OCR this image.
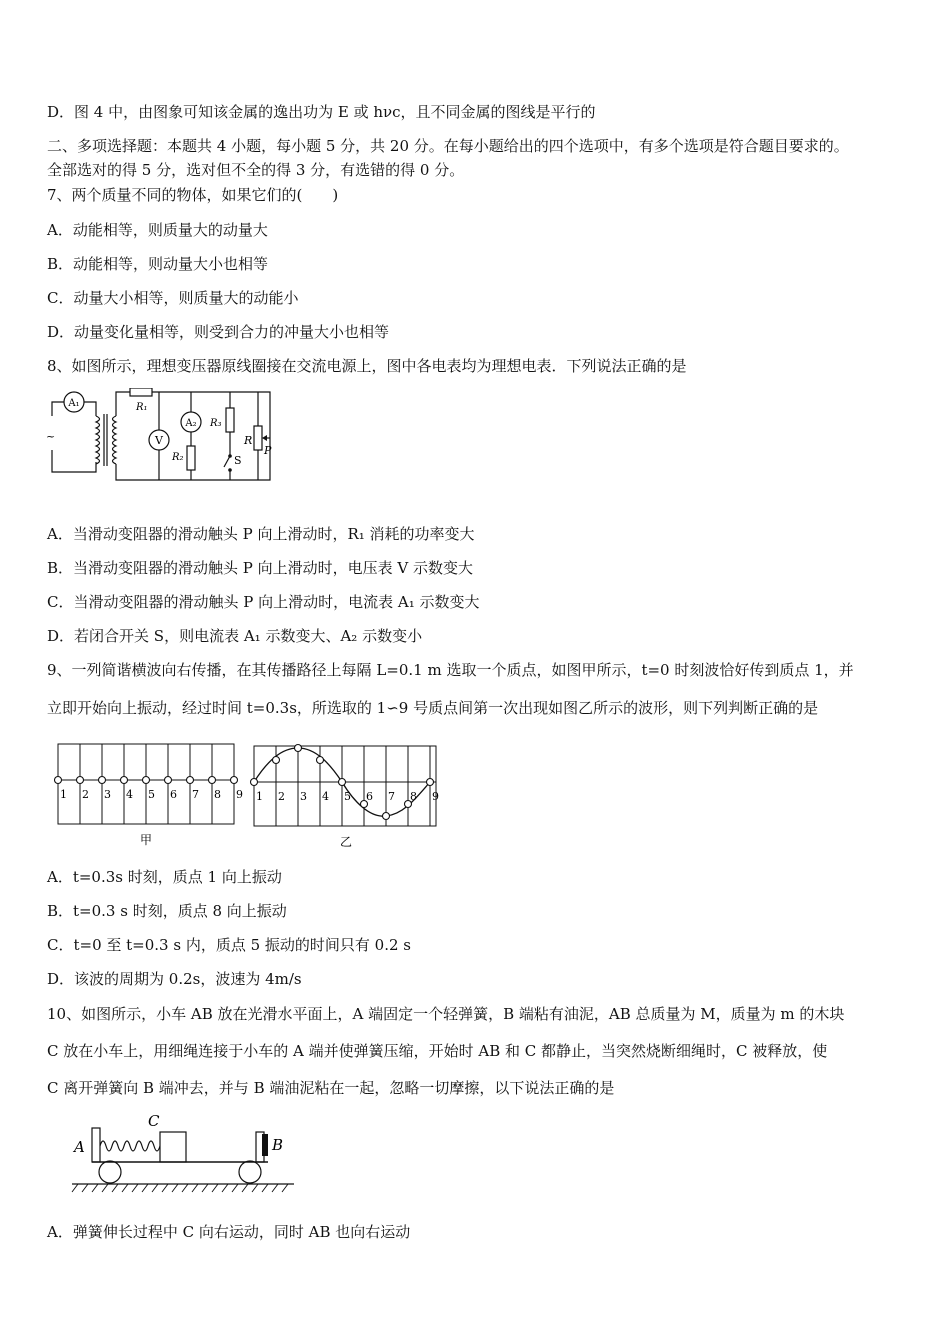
D．图 4 中，由图象可知该金属的逸出功为 E 或 hνc，且不同金属的图线是平行的
二、多项选择题：本题共 4 小题，每小题 5 分，共 20 分。在每小题给出的四个选项中，有多个选项是符合题目要求的。
全部选对的得 5 分，选对但不全的得 3 分，有选错的得 0 分。
7、两个质量不同的物体，如果它们的(　　)
A．动能相等，则质量大的动量大
B．动能相等，则动量大小也相等
C．动量大小相等，则质量大的动能小
D．动量变化量相等，则受到合力的冲量大小也相等
8、如图所示，理想变压器原线圈接在交流电源上，图中各电表均为理想电表．下列说法正确的是
A₁
~
R₁
V
A₂
R₂
R₃
S
R
P
A．当滑动变阻器的滑动触头 P 向上滑动时，R₁ 消耗的功率变大
B．当滑动变阻器的滑动触头 P 向上滑动时，电压表 V 示数变大
C．当滑动变阻器的滑动触头 P 向上滑动时，电流表 A₁ 示数变大
D．若闭合开关 S，则电流表 A₁ 示数变大、A₂ 示数变小
9、一列简谐横波向右传播，在其传播路径上每隔 L=0.1 m 选取一个质点，如图甲所示，t=0 时刻波恰好传到质点 1，并
立即开始向上振动，经过时间 t=0.3s，所选取的 1∽9 号质点间第一次出现如图乙所示的波形，则下列判断正确的是
1 2 3 4 5 6 7 8 9 1 2 3 4 5 6 7 8 9
甲	乙
A．t=0.3s 时刻，质点 1 向上振动
B．t=0.3 s 时刻，质点 8 向上振动
C．t=0 至 t=0.3 s 内，质点 5 振动的时间只有 0.2 s
D．该波的周期为 0.2s，波速为 4m/s
10、如图所示，小车 AB 放在光滑水平面上，A 端固定一个轻弹簧，B 端粘有油泥，AB 总质量为 M，质量为 m 的木块
C 放在小车上，用细绳连接于小车的 A 端并使弹簧压缩，开始时 AB 和 C 都静止，当突然烧断细绳时，C 被释放，使
C 离开弹簧向 B 端冲去，并与 B 端油泥粘在一起，忽略一切摩擦，以下说法正确的是
A
C
B
A．弹簧伸长过程中 C 向右运动，同时 AB 也向右运动
